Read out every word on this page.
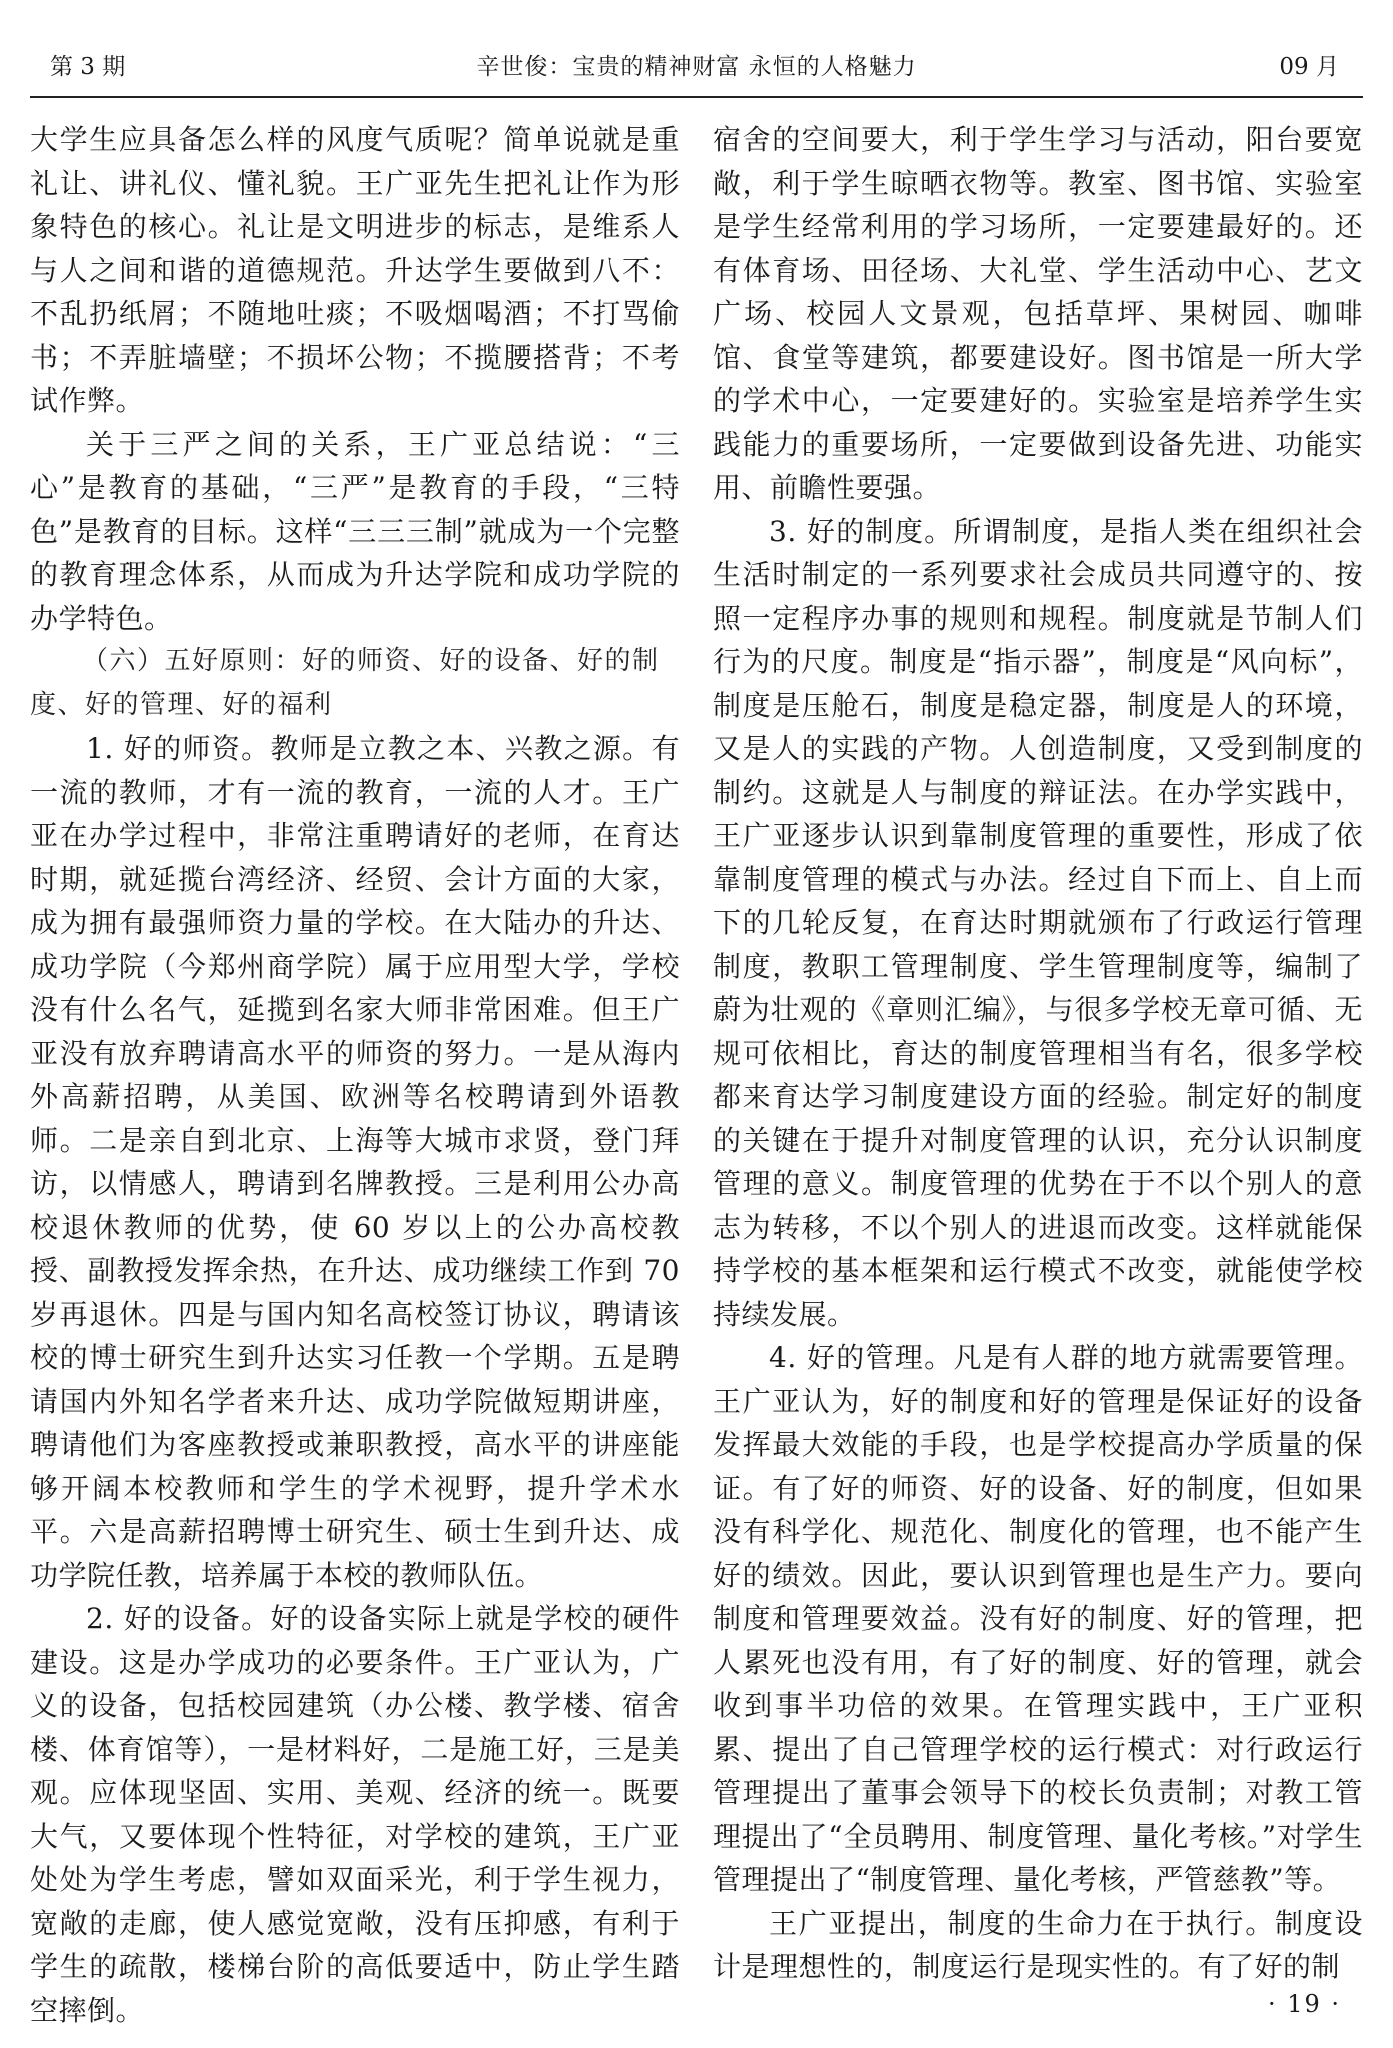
第 3 期	辛世俊：宝贵的精神财富 永恒的人格魅力	09 月

大学生应具备怎么样的风度气质呢？简单说就是重礼让、讲礼仪、懂礼貌。王广亚先生把礼让作为形象特色的核心。礼让是文明进步的标志，是维系人与人之间和谐的道德规范。升达学生要做到八不：不乱扔纸屑；不随地吐痰；不吸烟喝酒；不打骂偷书；不弄脏墙壁；不损坏公物；不揽腰搭背；不考试作弊。

关于三严之间的关系，王广亚总结说：“三心”是教育的基础，“三严”是教育的手段，“三特色”是教育的目标。这样“三三三制”就成为一个完整的教育理念体系，从而成为升达学院和成功学院的办学特色。

（六）五好原则：好的师资、好的设备、好的制度、好的管理、好的福利

1. 好的师资。教师是立教之本、兴教之源。有一流的教师，才有一流的教育，一流的人才。王广亚在办学过程中，非常注重聘请好的老师，在育达时期，就延揽台湾经济、经贸、会计方面的大家，成为拥有最强师资力量的学校。在大陆办的升达、成功学院（今郑州商学院）属于应用型大学，学校没有什么名气，延揽到名家大师非常困难。但王广亚没有放弃聘请高水平的师资的努力。一是从海内外高薪招聘，从美国、欧洲等名校聘请到外语教师。二是亲自到北京、上海等大城市求贤，登门拜访，以情感人，聘请到名牌教授。三是利用公办高校退休教师的优势，使 60 岁以上的公办高校教授、副教授发挥余热，在升达、成功继续工作到 70 岁再退休。四是与国内知名高校签订协议，聘请该校的博士研究生到升达实习任教一个学期。五是聘请国内外知名学者来升达、成功学院做短期讲座，聘请他们为客座教授或兼职教授，高水平的讲座能够开阔本校教师和学生的学术视野，提升学术水平。六是高薪招聘博士研究生、硕士生到升达、成功学院任教，培养属于本校的教师队伍。

2. 好的设备。好的设备实际上就是学校的硬件建设。这是办学成功的必要条件。王广亚认为，广义的设备，包括校园建筑（办公楼、教学楼、宿舍楼、体育馆等），一是材料好，二是施工好，三是美观。应体现坚固、实用、美观、经济的统一。既要大气，又要体现个性特征，对学校的建筑，王广亚处处为学生考虑，譬如双面采光，利于学生视力，宽敞的走廊，使人感觉宽敞，没有压抑感，有利于学生的疏散，楼梯台阶的高低要适中，防止学生踏空摔倒。

宿舍的空间要大，利于学生学习与活动，阳台要宽敞，利于学生晾晒衣物等。教室、图书馆、实验室是学生经常利用的学习场所，一定要建最好的。还有体育场、田径场、大礼堂、学生活动中心、艺文广场、校园人文景观，包括草坪、果树园、咖啡馆、食堂等建筑，都要建设好。图书馆是一所大学的学术中心，一定要建好的。实验室是培养学生实践能力的重要场所，一定要做到设备先进、功能实用、前瞻性要强。

3. 好的制度。所谓制度，是指人类在组织社会生活时制定的一系列要求社会成员共同遵守的、按照一定程序办事的规则和规程。制度就是节制人们行为的尺度。制度是“指示器”，制度是“风向标”，制度是压舱石，制度是稳定器，制度是人的环境，又是人的实践的产物。人创造制度，又受到制度的制约。这就是人与制度的辩证法。在办学实践中，王广亚逐步认识到靠制度管理的重要性，形成了依靠制度管理的模式与办法。经过自下而上、自上而下的几轮反复，在育达时期就颁布了行政运行管理制度，教职工管理制度、学生管理制度等，编制了蔚为壮观的《章则汇编》，与很多学校无章可循、无规可依相比，育达的制度管理相当有名，很多学校都来育达学习制度建设方面的经验。制定好的制度的关键在于提升对制度管理的认识，充分认识制度管理的意义。制度管理的优势在于不以个别人的意志为转移，不以个别人的进退而改变。这样就能保持学校的基本框架和运行模式不改变，就能使学校持续发展。

4. 好的管理。凡是有人群的地方就需要管理。王广亚认为，好的制度和好的管理是保证好的设备发挥最大效能的手段，也是学校提高办学质量的保证。有了好的师资、好的设备、好的制度，但如果没有科学化、规范化、制度化的管理，也不能产生好的绩效。因此，要认识到管理也是生产力。要向制度和管理要效益。没有好的制度、好的管理，把人累死也没有用，有了好的制度、好的管理，就会收到事半功倍的效果。在管理实践中，王广亚积累、提出了自己管理学校的运行模式：对行政运行管理提出了董事会领导下的校长负责制；对教工管理提出了“全员聘用、制度管理、量化考核。”对学生管理提出了“制度管理、量化考核，严管慈教”等。

王广亚提出，制度的生命力在于执行。制度设计是理想性的，制度运行是现实性的。有了好的制

· 19 ·
